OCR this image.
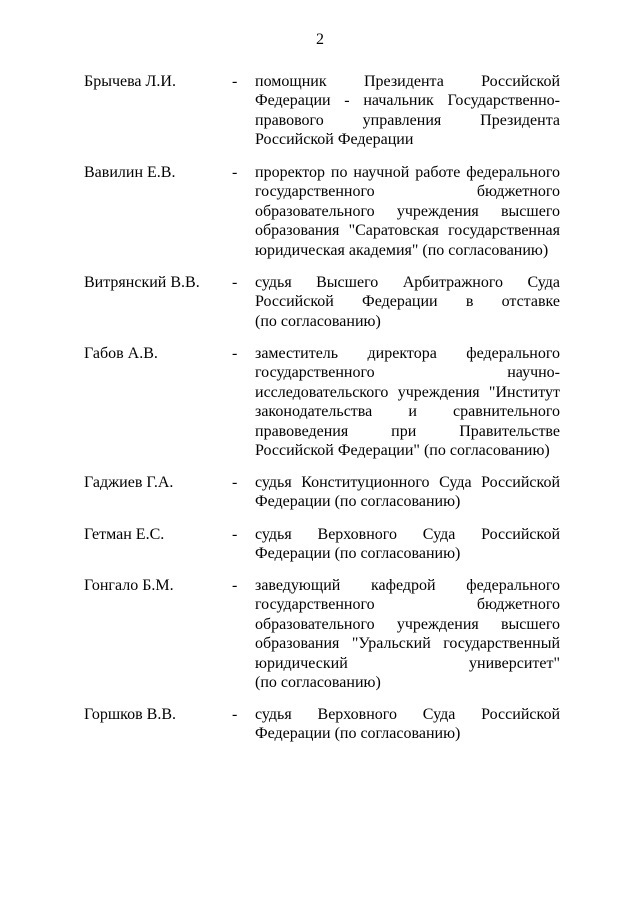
2
Брычева Л.И.	- помощник Президента Российской
Федерации - начальник Государственно-
правового управления Президента
Российской Федерации
Вавилин Е.В.	- проректор по научной работе федерального
государственного бюджетного
образовательного учреждения высшего
образования "Саратовская государственная
юридическая академия" (по согласованию)
Витрянский В.В. - судья Высшего Арбитражного Суда
Российской Федерации в отставке
(по согласованию)
Габов А.В.	- заместитель директора федерального
государственного научно-
исследовательского учреждения "Институт
законодательства и сравнительного
правоведения при Правительстве
Российской Федерации" (по согласованию)
Гаджиев Г.А.	- судья Конституционного Суда Российской
Федерации (по согласованию)
Гетман Е.С.	- судья Верховного Суда Российской
Федерации (по согласованию)
Гонгало Б.М.	- заведующий кафедрой федерального
государственного бюджетного
образовательного учреждения высшего
образования "Уральский государственный
юридический университет"
(по согласованию)
Горшков В.В.	- судья Верховного Суда Российской
Федерации (по согласованию)
